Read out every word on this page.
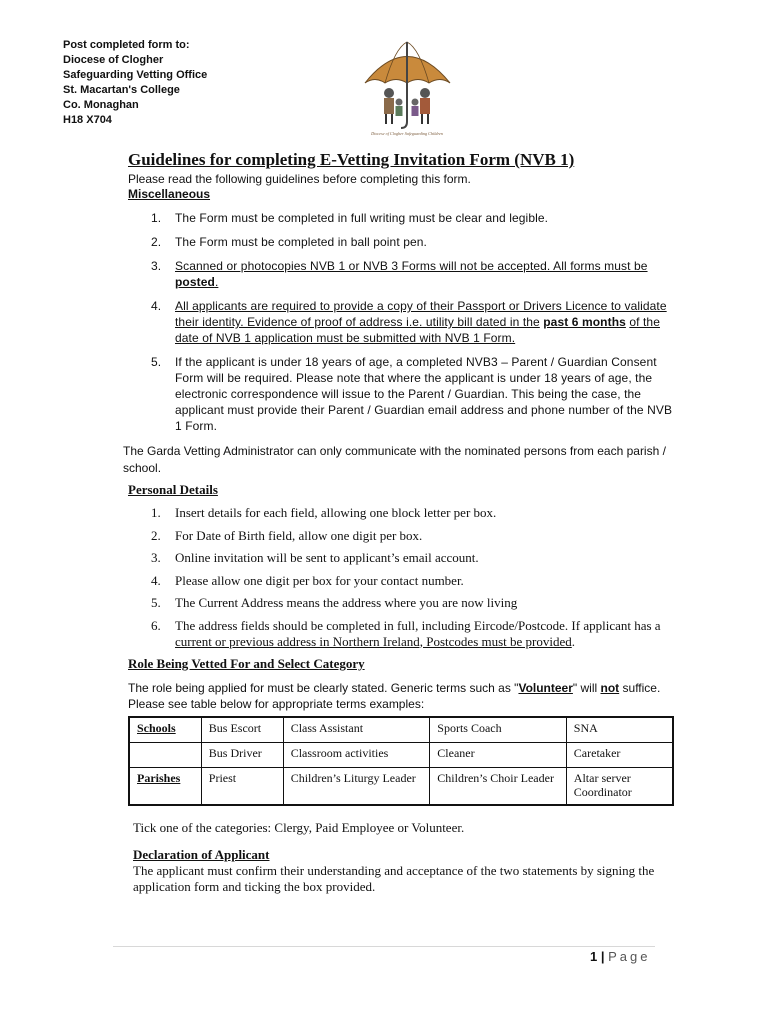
Post completed form to:
Diocese of Clogher
Safeguarding Vetting Office
St. Macartan's College
Co. Monaghan
H18 X704
Diocese of Clogher Safeguarding Children
Guidelines for completing E-Vetting Invitation Form (NVB 1)
Please read the following guidelines before completing this form.
Miscellaneous
1. The Form must be completed in full writing must be clear and legible.
2. The Form must be completed in ball point pen.
3. Scanned or photocopies NVB 1 or NVB 3 Forms will not be accepted. All forms must be posted.
4. All applicants are required to provide a copy of their Passport or Drivers Licence to validate their identity. Evidence of proof of address i.e. utility bill dated in the past 6 months of the date of NVB 1 application must be submitted with NVB 1 Form.
5. If the applicant is under 18 years of age, a completed NVB3 – Parent / Guardian Consent Form will be required. Please note that where the applicant is under 18 years of age, the electronic correspondence will issue to the Parent / Guardian. This being the case, the applicant must provide their Parent / Guardian email address and phone number of the NVB 1 Form.
The Garda Vetting Administrator can only communicate with the nominated persons from each parish / school.
Personal Details
1. Insert details for each field, allowing one block letter per box.
2. For Date of Birth field, allow one digit per box.
3. Online invitation will be sent to applicant’s email account.
4. Please allow one digit per box for your contact number.
5. The Current Address means the address where you are now living
6. The address fields should be completed in full, including Eircode/Postcode. If applicant has a current or previous address in Northern Ireland, Postcodes must be provided.
Role Being Vetted For and Select Category
The role being applied for must be clearly stated. Generic terms such as "Volunteer" will not suffice. Please see table below for appropriate terms examples:
Schools	Bus Escort	Class Assistant	Sports Coach	SNA
	Bus Driver	Classroom activities	Cleaner	Caretaker
Parishes	Priest	Children’s Liturgy Leader	Children’s Choir Leader	Altar server Coordinator
Tick one of the categories: Clergy, Paid Employee or Volunteer.
Declaration of Applicant
The applicant must confirm their understanding and acceptance of the two statements by signing the application form and ticking the box provided.
1 | Page
